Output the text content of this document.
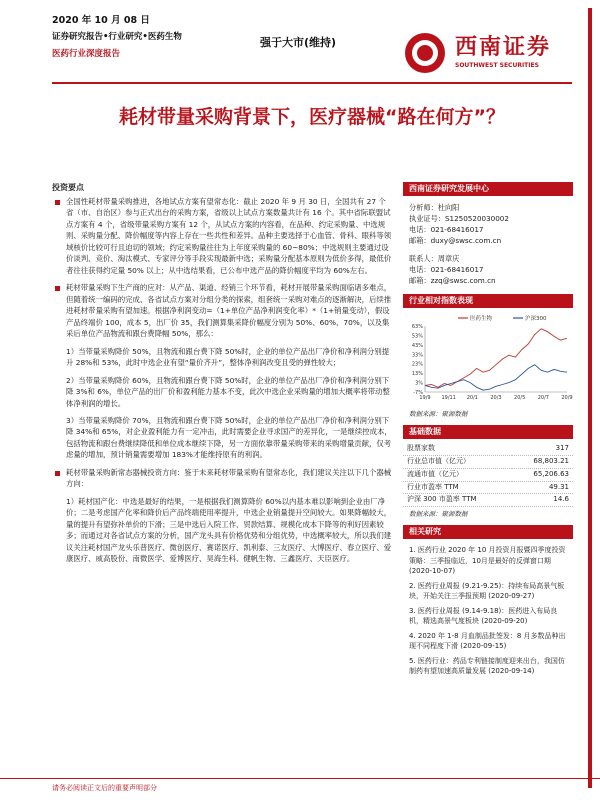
2020 年 10 月 08 日
证券研究报告•行业研究•医药生物
医药行业深度报告
强于大市(维持)	西南证券
SOUTHWEST SECURITIES
耗材带量采购背景下，医疗器械“路在何方”？
投资要点
全国性耗材带量采购推进，各地试点方案有望常态化：截止 2020 年 9 月 30 日，全国共有 27 个省（市、自治区）参与正式出台的采购方案，省级以上试点方案数量共计有 16 个。其中省际联盟试点方案有 4 个，省级带量采购方案有 12 个，从试点方案的内容看，在品种、约定采购量、中选规则、采购量分配、降价幅度等内容上存在一些共性和差异。品种主要选择于心血管、骨科、眼科等领域核价比较可行且迫切的领域；约定采购量往往为上年度采购量的 60~80%；中选规则主要通过设价谈判、竞价、淘汰模式、专家评分等手段实现最新中选；采购量分配基本原则为低价多得，最低价者往往获得约定量 50% 以上；从中选结果看，已公布中选产品的降价幅度平均为 60%左右。
耗材带量采购下生产商的应对：从产品、渠道、经销三个环节看，耗材开展带量采购面临诸多难点，但随着统一编码的完成、各省试点方案对分组分类的探索，组套统一采购对难点的逐渐解决，后续推进耗材带量采购有望加速。根据净利润变动=（1+单位产品净利润变化率）*（1+销量变动），假设产品终端价 100，成本 5，出厂价 35，我们测算集采降价幅度分别为 50%、60%、70%，以及集采后单位产品物流和跟台费降幅 50%，那么：
1）当带量采购降价 50%，且物流和跟台费下降 50%时，企业的单位产品出厂净价和净利润分别提升 28%和 53%，此时中选企业有望“量价齐升”，整体净利润改变且受的弹性较大；
2）当带量采购降价 60%，且物流和跟台费下降 50%时，企业的单位产品出厂净价和净利润分别下降 3%和 6%，单位产品的出厂价和盈利能力基本不变，此次中选企业采购量的增加大概率将带动整体净利润的增长。
3）当带量采购降价 70%，且物流和跟台费下降 50%时，企业的单位产品出厂净价和净利润分别下降 34%和 65%，对企业盈利能力有一定冲击，此时需要企业寻求国产的差异化，一是继续控成本，包括物流和跟台费继续降低和单位成本继续下降，另一方面依靠带量采购带来的采购增量贡献，仅考虑量的增加，预计销量需要增加 183%才能维持原有的利润。
耗材带量采购新常态器械投资方向：鉴于未来耗材带量采购有望常态化，我们建议关注以下几个器械方向：
1）耗材国产化：中选是最好的结果，一是根据我们测算降价 60%以内基本难以影响到企业由厂净价；二是考虑国产化率和降价后产品终端使用率提升，中选企业销量提升空间较大。如果降幅较大，量的提升有望弥补单价的下滑；三是中选后入院工作、贸款结算、规模化成本下降等的利好因素较多；而通过对各省试点方案的分析，国产龙头具有价格优势和分组优势，中选概率较大，所以我们建议关注耗材国产龙头乐普医疗、微创医疗、赛诺医疗、凯利泰、三友医疗、大博医疗、春立医疗、爱康医疗、威高股份、南微医学、爱博医疗、昊海生科、健帆生物、三鑫医疗、天臣医疗。
西南证券研究发展中心
分析师：杜向阳
执业证号：S1250520030002
电话：021-68416017
邮箱：duxy@swsc.com.cn
联系人：周章庆
电话：021-68416017
邮箱：zzq@swsc.com.cn
行业相对指数表现
-7%
3%
13%
23%
33%
43%
53%
63%
19/9 19/11 20/1 20/3 20/5 20/7 20/9
医药生物	沪深300
数据来源：聚源数据
基础数据
股票家数	317
行业总市值（亿元）	68,803.21
流通市值（亿元）	65,206.63
行业市盈率 TTM	49.31
沪深 300 市盈率 TTM	14.6
数据来源：聚源数据
相关研究
1. 医药行业 2020 年 10 月投资月报暨四季度投资策略：三季报临近，10月是最好的反弹窗口期 (2020-10-07)
2. 医药行业周报 (9.21-9.25)：持续布局高景气板块，开始关注三季报预期 (2020-09-27)
3. 医药行业周报 (9.14-9.18)：医药进入布局良机，精选高景气度板块 (2020-09-20)
4. 2020 年 1-8 月血制品批签发：8 月多数品种出现不同程度下滑 (2020-09-15)
5. 医药行业：药品专利链接制度迎来出台，我国仿制药有望加速高质量发展 (2020-09-14)
请务必阅读正文后的重要声明部分
